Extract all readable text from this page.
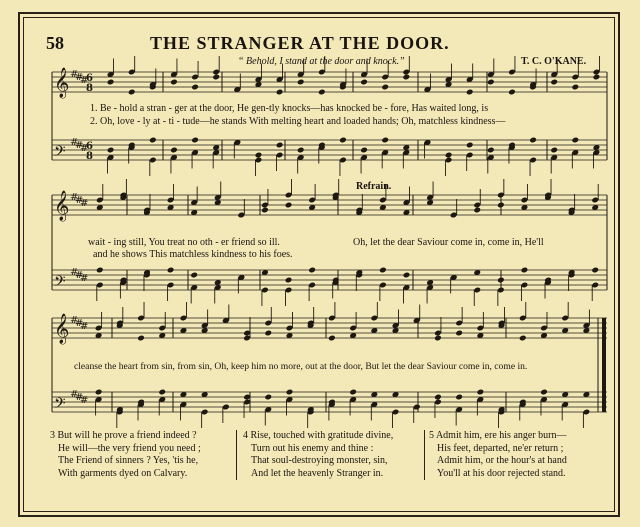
58	THE STRANGER AT THE DOOR.
“ Behold, I stand at the door and knock.”	T. C. O'KANE.
𝄞 #
#
#
6
8
𝄢
#
#
#
6
8
𝄞 #
#
#
𝄢
#
#
#
𝄞 #
#
#
𝄢
#
#
#
1. Be - hold a stran - ger at the door, He gen-tly knocks—has knocked be - fore, Has waited long, is
2. Oh, love - ly at - ti - tude—he stands With melting heart and loaded hands; Oh, matchless kindness—
Refrain.
wait - ing still, You treat no oth - er friend so ill.
and he shows This matchless kindness to his foes.
Oh, let the dear Saviour come in, come in, He'll
cleanse the heart from sin, from sin, Oh, keep him no more, out at the door, But let the dear Saviour come in, come in.
3 But will he prove a friend indeed ?
He will—the very friend you need ;
The Friend of sinners ? Yes, 'tis he,
With garments dyed on Calvary.
4 Rise, touched with gratitude divine,
Turn out his enemy and thine :
That soul-destroying monster, sin,
And let the heavenly Stranger in.
5 Admit him, ere his anger burn—
His feet, departed, ne'er return ;
Admit him, or the hour's at hand
You'll at his door rejected stand.
